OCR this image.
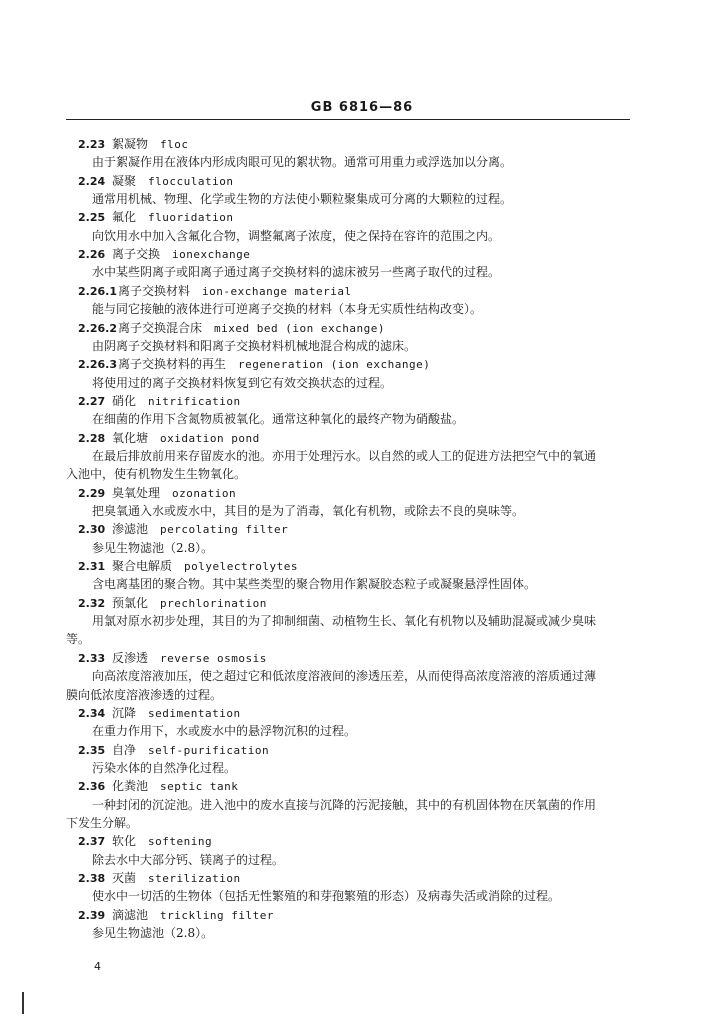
GB 6816—86
2.23 絮凝物 floc
由于絮凝作用在液体内形成肉眼可见的絮状物。通常可用重力或浮选加以分离。
2.24 凝聚 flocculation
通常用机械、物理、化学或生物的方法使小颗粒聚集成可分离的大颗粒的过程。
2.25 氟化 fluoridation
向饮用水中加入含氟化合物，调整氟离子浓度，使之保持在容许的范围之内。
2.26 离子交换 ionexchange
水中某些阴离子或阳离子通过离子交换材料的滤床被另一些离子取代的过程。
2.26.1离子交换材料 ion-exchange material
能与同它接触的液体进行可逆离子交换的材料（本身无实质性结构改变）。
2.26.2离子交换混合床 mixed bed (ion exchange)
由阴离子交换材料和阳离子交换材料机械地混合构成的滤床。
2.26.3离子交换材料的再生 regeneration (ion exchange)
将使用过的离子交换材料恢复到它有效交换状态的过程。
2.27 硝化 nitrification
在细菌的作用下含氮物质被氧化。通常这种氧化的最终产物为硝酸盐。
2.28 氧化塘 oxidation pond
在最后排放前用来存留废水的池。亦用于处理污水。以自然的或人工的促进方法把空气中的氧通
入池中，使有机物发生生物氧化。
2.29 臭氧处理 ozonation
把臭氧通入水或废水中，其目的是为了消毒，氧化有机物，或除去不良的臭味等。
2.30 渗滤池 percolating filter
参见生物滤池（2.8）。
2.31 聚合电解质 polyelectrolytes
含电离基团的聚合物。其中某些类型的聚合物用作絮凝胶态粒子或凝聚悬浮性固体。
2.32 预氯化 prechlorination
用氯对原水初步处理，其目的为了抑制细菌、动植物生长、氧化有机物以及辅助混凝或减少臭味
等。
2.33 反渗透 reverse osmosis
向高浓度溶液加压，使之超过它和低浓度溶液间的渗透压差，从而使得高浓度溶液的溶质通过薄
膜向低浓度溶液渗透的过程。
2.34 沉降 sedimentation
在重力作用下，水或废水中的悬浮物沉积的过程。
2.35 自净 self-purification
污染水体的自然净化过程。
2.36 化粪池 septic tank
一种封闭的沉淀池。进入池中的废水直接与沉降的污泥接触，其中的有机固体物在厌氧菌的作用
下发生分解。
2.37 软化 softening
除去水中大部分钙、镁离子的过程。
2.38 灭菌 sterilization
使水中一切活的生物体（包括无性繁殖的和芽孢繁殖的形态）及病毒失活或消除的过程。
2.39 滴滤池 trickling filter
参见生物滤池（2.8）。
4
